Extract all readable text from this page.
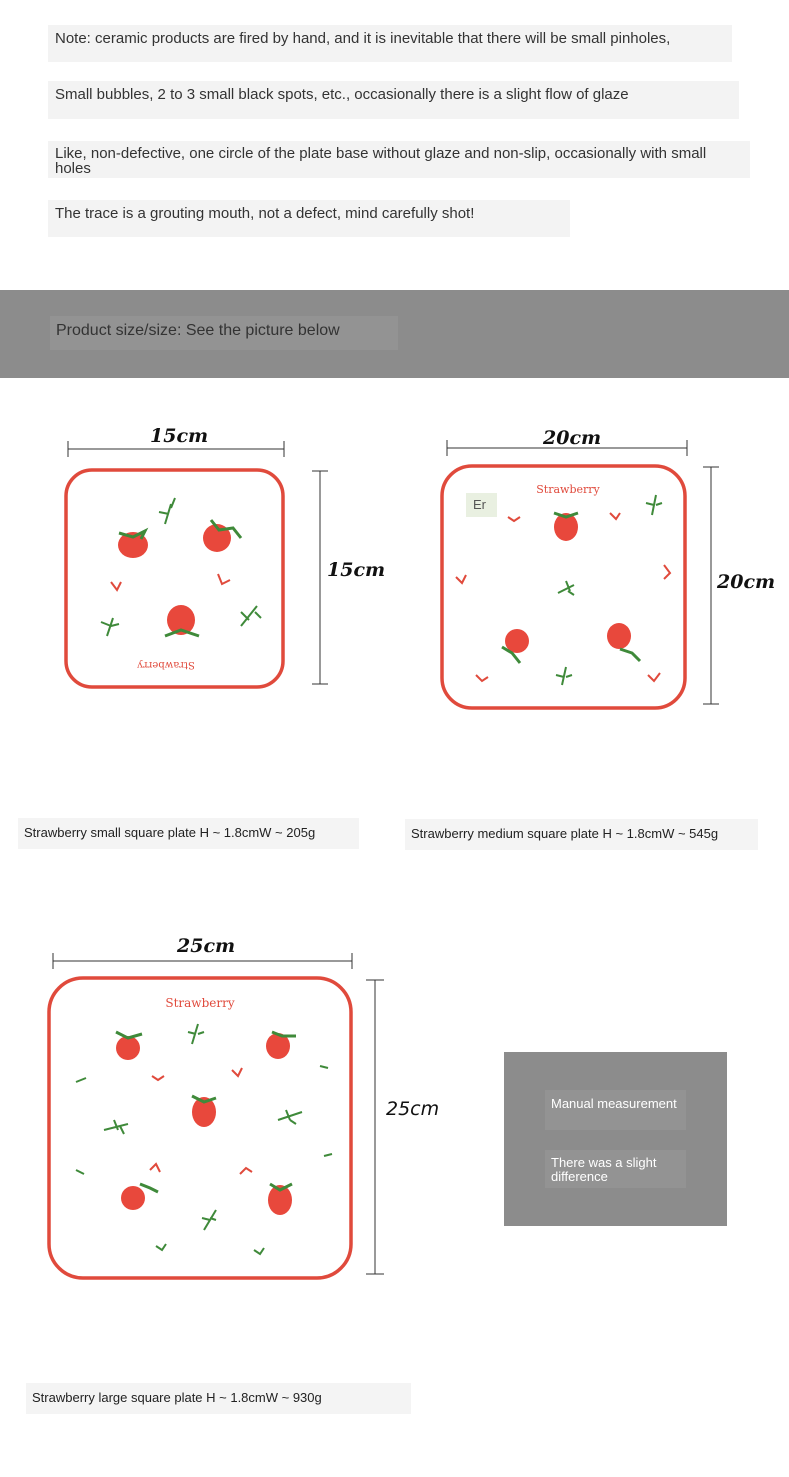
Note: ceramic products are fired by hand, and it is inevitable that there will be small pinholes,
Small bubbles, 2 to 3 small black spots, etc., occasionally there is a slight flow of glaze
Like, non-defective, one circle of the plate base without glaze and non-slip, occasionally with small holes
The trace is a grouting mouth, not a defect, mind carefully shot!
Product size/size: See the picture below
15cm
15cm
Strawberry
20cm
20cm
Strawberry
Er
Strawberry small square plate H ~ 1.8cmW ~ 205g	Strawberry medium square plate H ~ 1.8cmW ~ 545g
25cm
25cm
Strawberry
Manual measurement
There was a slight difference
Strawberry large square plate H ~ 1.8cmW ~ 930g
